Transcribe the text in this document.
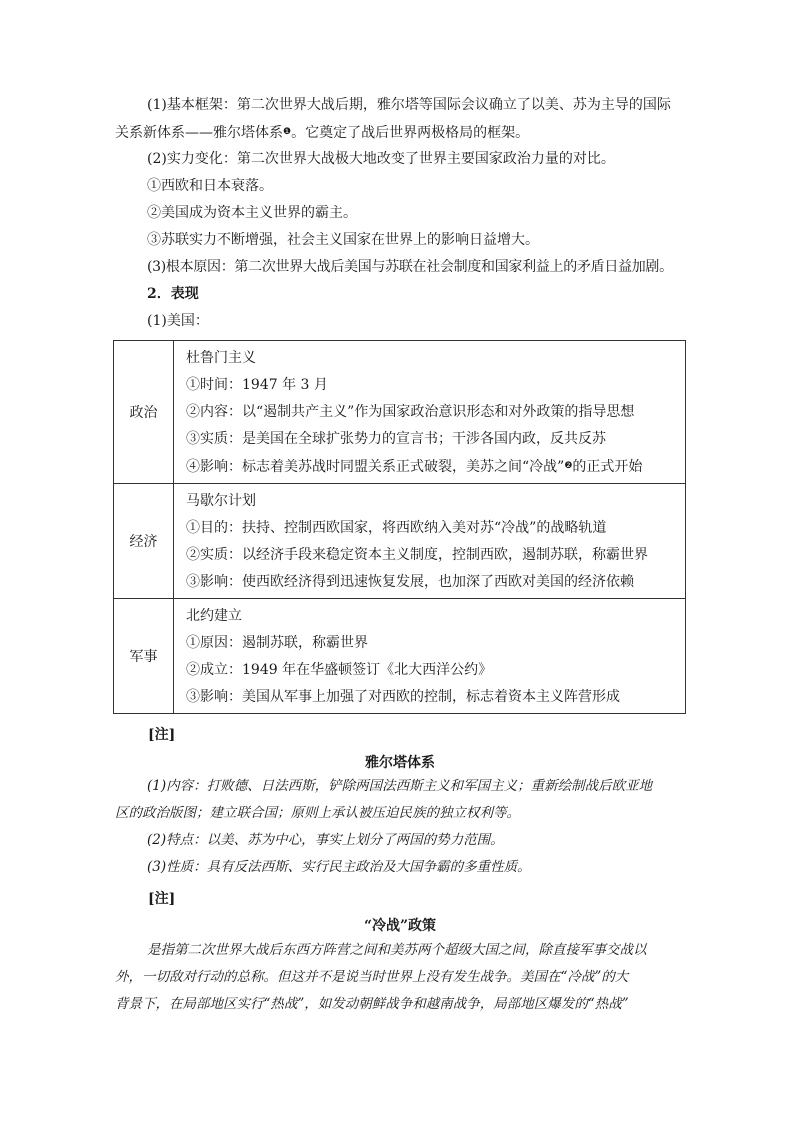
(1)基本框架：第二次世界大战后期，雅尔塔等国际会议确立了以美、苏为主导的国际
关系新体系——雅尔塔体系$^❶$。它奠定了战后世界两极格局的框架。
(2)实力变化：第二次世界大战极大地改变了世界主要国家政治力量的对比。
①西欧和日本衰落。
②美国成为资本主义世界的霸主。
③苏联实力不断增强，社会主义国家在世界上的影响日益增大。
(3)根本原因：第二次世界大战后美国与苏联在社会制度和国家利益上的矛盾日益加剧。
2．表现
(1)美国：
政治	杜鲁门主义
①时间：1947 年 3 月
②内容：以“遏制共产主义”作为国家政治意识形态和对外政策的指导思想
③实质：是美国在全球扩张势力的宣言书；干涉各国内政，反共反苏
④影响：标志着美苏战时同盟关系正式破裂，美苏之间“冷战”$^❷$的正式开始

经济	马歇尔计划
①目的：扶持、控制西欧国家，将西欧纳入美对苏“冷战”的战略轨道
②实质：以经济手段来稳定资本主义制度，控制西欧，遏制苏联，称霸世界
③影响：使西欧经济得到迅速恢复发展，也加深了西欧对美国的经济依赖

军事	北约建立
①原因：遏制苏联，称霸世界
②成立：1949 年在华盛顿签订《北大西洋公约》
③影响：美国从军事上加强了对西欧的控制，标志着资本主义阵营形成
[注]
雅尔塔体系
(1)内容：打败德、日法西斯，铲除两国法西斯主义和军国主义；重新绘制战后欧亚地
区的政治版图；建立联合国；原则上承认被压迫民族的独立权利等。
(2)特点：以美、苏为中心，事实上划分了两国的势力范围。
(3)性质：具有反法西斯、实行民主政治及大国争霸的多重性质。
[注]
“冷战”政策
是指第二次世界大战后东西方阵营之间和美苏两个超级大国之间，除直接军事交战以
外，一切敌对行动的总称。但这并不是说当时世界上没有发生战争。美国在“冷战”的大
背景下，在局部地区实行“热战”，如发动朝鲜战争和越南战争，局部地区爆发的“热战”
